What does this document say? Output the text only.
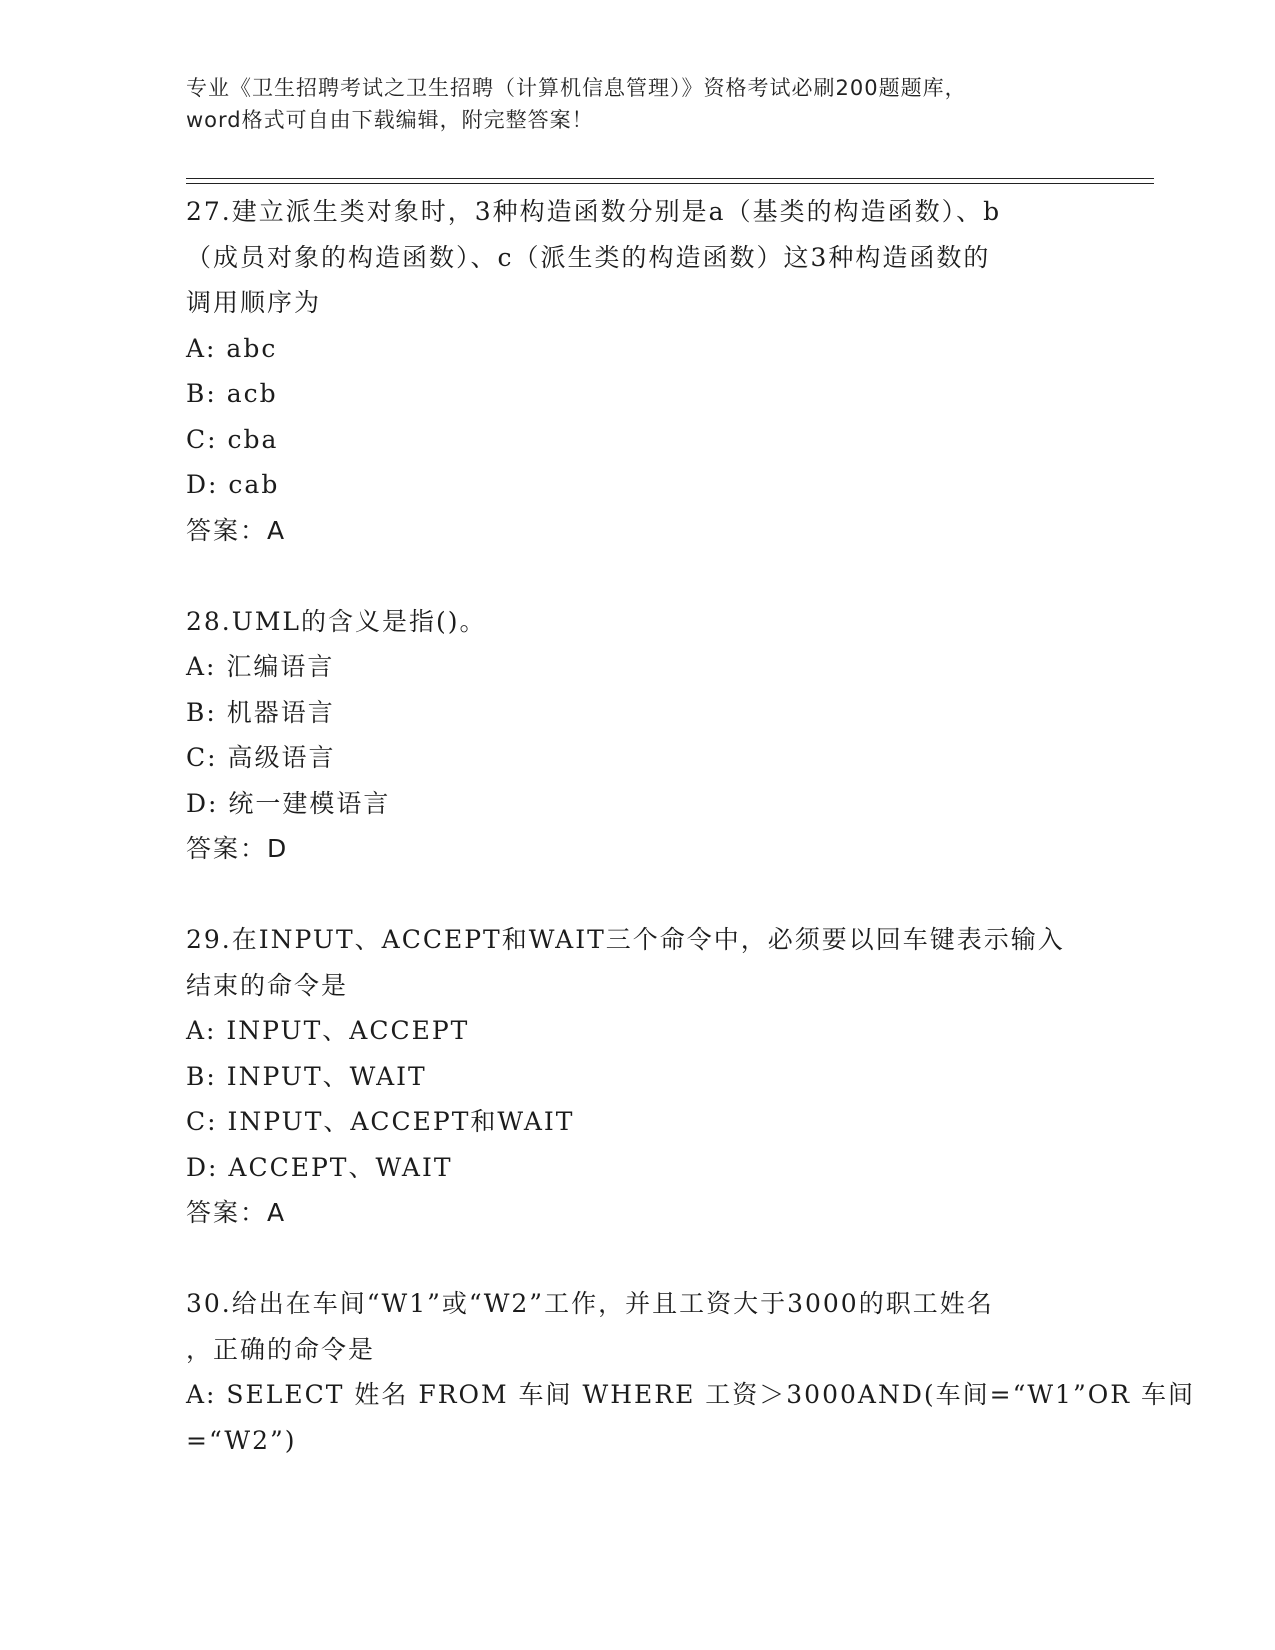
专业《卫生招聘考试之卫生招聘（计算机信息管理）》资格考试必刷200题题库，
word格式可自由下载编辑，附完整答案！
27.建立派生类对象时，3种构造函数分别是a（基类的构造函数）、b
（成员对象的构造函数）、c（派生类的构造函数）这3种构造函数的
调用顺序为
A: abc
B: acb
C: cba
D: cab
答案：A
28.UML的含义是指()。
A: 汇编语言
B: 机器语言
C: 高级语言
D: 统一建模语言
答案：D
29.在INPUT、ACCEPT和WAIT三个命令中，必须要以回车键表示输入
结束的命令是
A: INPUT、ACCEPT
B: INPUT、WAIT
C: INPUT、ACCEPT和WAIT
D: ACCEPT、WAIT
答案：A
30.给出在车间“W1”或“W2”工作，并且工资大于3000的职工姓名
，正确的命令是
A: SELECT 姓名 FROM 车间 WHERE 工资＞3000AND(车间=“W1”OR 车间
=“W2”)
